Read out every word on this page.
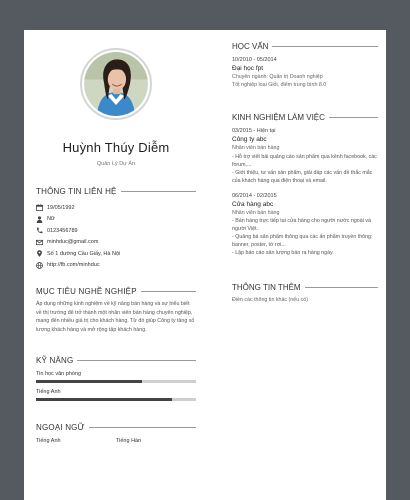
Huỳnh Thúy Diễm
Quản Lý Dự Án
THÔNG TIN LIÊN HỆ
19/05/1992
Nữ
0123456789
minhduc@gmail.com
Số 1 đường Cầu Giấy, Hà Nội
http://fb.com/minhduc
MỤC TIÊU NGHỀ NGHIỆP
Áp dụng những kinh nghiệm về kỹ năng bán hàng và sự hiểu biết về thị trường để trở thành một nhân viên bán hàng chuyên nghiệp, mang đến nhiều giá trị cho khách hàng. Từ đó giúp Công ty tăng số lượng khách hàng và mở rộng tập khách hàng.
KỸ NĂNG
Tin học văn phòng
Tiếng Anh
NGOẠI NGỮ
Tiếng Anh	Tiếng Hàn
HỌC VẤN
10/2010 - 05/2014
Đại học fpt
Chuyên ngành: Quản trị Doanh nghiệp
Tốt nghiệp loại Giỏi, điểm trung bình 8.0
KINH NGHIỆM LÀM VIỆC
03/2015 - Hiện tại
Công ty abc
Nhân viên bán hàng
- Hỗ trợ viết bài quảng cáo sản phẩm qua kênh facebook, các forum,...
- Giới thiệu, tư vấn sản phẩm, giải đáp các vấn đề thắc mắc của khách hàng qua điện thoại và email.
06/2014 - 02/2015
Cửa hàng abc
Nhân viên bán hàng
- Bán hàng trực tiếp tại cửa hàng cho người nước ngoài và người Việt.
- Quảng bá sản phẩm thông qua các ấn phẩm truyền thông: banner, poster, tờ rơi...
- Lập báo cáo sản lượng bán ra hàng ngày.
THÔNG TIN THÊM
Điền các thông tin khác (nếu có)
